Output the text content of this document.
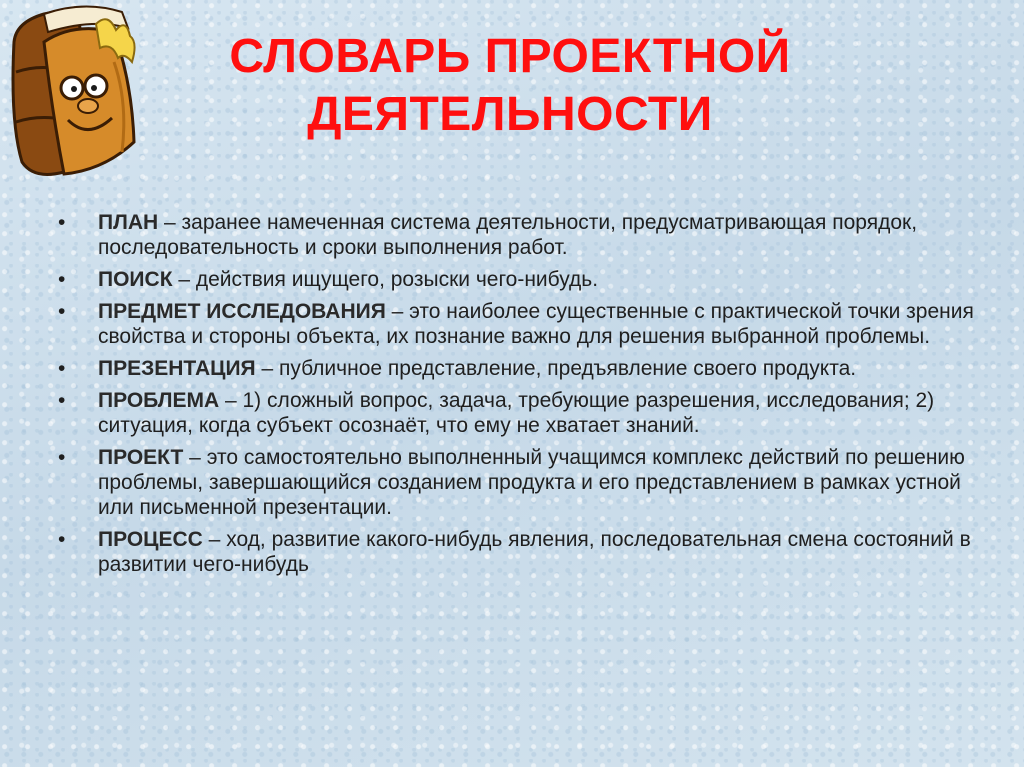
СЛОВАРЬ ПРОЕКТНОЙ
ДЕЯТЕЛЬНОСТИ
• ПЛАН – заранее намеченная система деятельности, предусматривающая порядок, последовательность и сроки выполнения работ.
• ПОИСК – действия ищущего, розыски чего-нибудь.
• ПРЕДМЕТ ИССЛЕДОВАНИЯ – это наиболее существенные с практической точки зрения свойства и стороны объекта, их познание важно для решения выбранной проблемы.
• ПРЕЗЕНТАЦИЯ – публичное представление, предъявление своего продукта.
• ПРОБЛЕМА – 1) сложный вопрос, задача, требующие разрешения, исследования; 2) ситуация, когда субъект осознаёт, что ему не хватает знаний.
• ПРОЕКТ – это самостоятельно выполненный учащимся комплекс действий по решению проблемы, завершающийся созданием продукта и его представлением в рамках устной или письменной презентации.
• ПРОЦЕСС – ход, развитие какого-нибудь явления, последовательная смена состояний в развитии чего-нибудь
